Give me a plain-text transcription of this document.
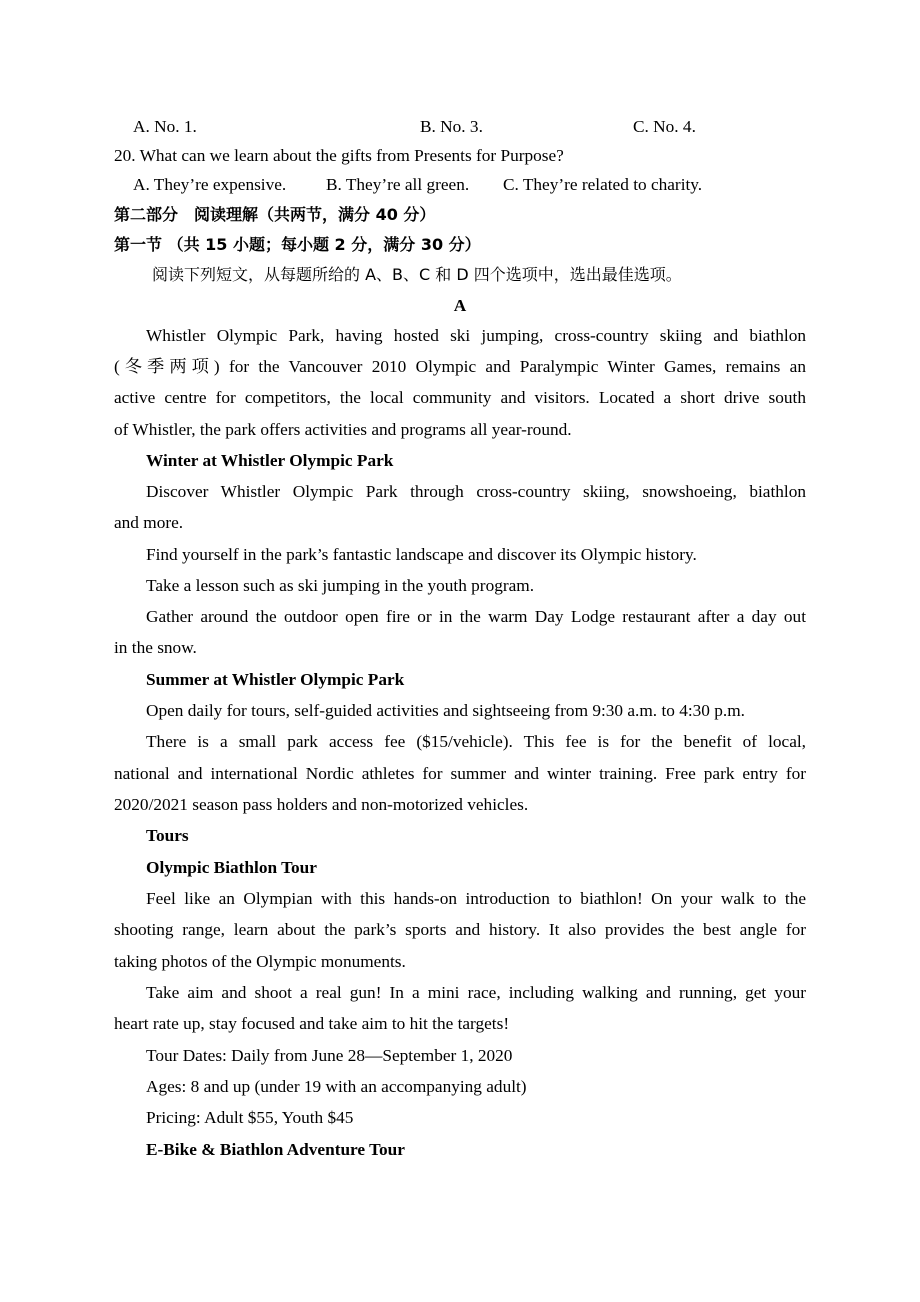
A. No. 1.	B. No. 3.	C. No. 4.
20. What can we learn about the gifts from Presents for Purpose?
A. They’re expensive. B. They’re all green. C. They’re related to charity.
第二部分　阅读理解（共两节，满分 40 分）
第一节 （共 15 小题；每小题 2 分，满分 30 分）
阅读下列短文，从每题所给的 A、B、C 和 D 四个选项中，选出最佳选项。
A
Whistler Olympic Park, having hosted ski jumping, cross-country skiing and biathlon
(冬季两项) for the Vancouver 2010 Olympic and Paralympic Winter Games, remains an
active centre for competitors, the local community and visitors. Located a short drive south
of Whistler, the park offers activities and programs all year-round.
Winter at Whistler Olympic Park
Discover Whistler Olympic Park through cross-country skiing, snowshoeing, biathlon
and more.
Find yourself in the park’s fantastic landscape and discover its Olympic history.
Take a lesson such as ski jumping in the youth program.
Gather around the outdoor open fire or in the warm Day Lodge restaurant after a day out
in the snow.
Summer at Whistler Olympic Park
Open daily for tours, self-guided activities and sightseeing from 9:30 a.m. to 4:30 p.m.
There is a small park access fee ($15/vehicle). This fee is for the benefit of local,
national and international Nordic athletes for summer and winter training. Free park entry for
2020/2021 season pass holders and non-motorized vehicles.
Tours
Olympic Biathlon Tour
Feel like an Olympian with this hands-on introduction to biathlon! On your walk to the
shooting range, learn about the park’s sports and history. It also provides the best angle for
taking photos of the Olympic monuments.
Take aim and shoot a real gun! In a mini race, including walking and running, get your
heart rate up, stay focused and take aim to hit the targets!
Tour Dates: Daily from June 28—September 1, 2020
Ages: 8 and up (under 19 with an accompanying adult)
Pricing: Adult $55, Youth $45
E-Bike & Biathlon Adventure Tour
